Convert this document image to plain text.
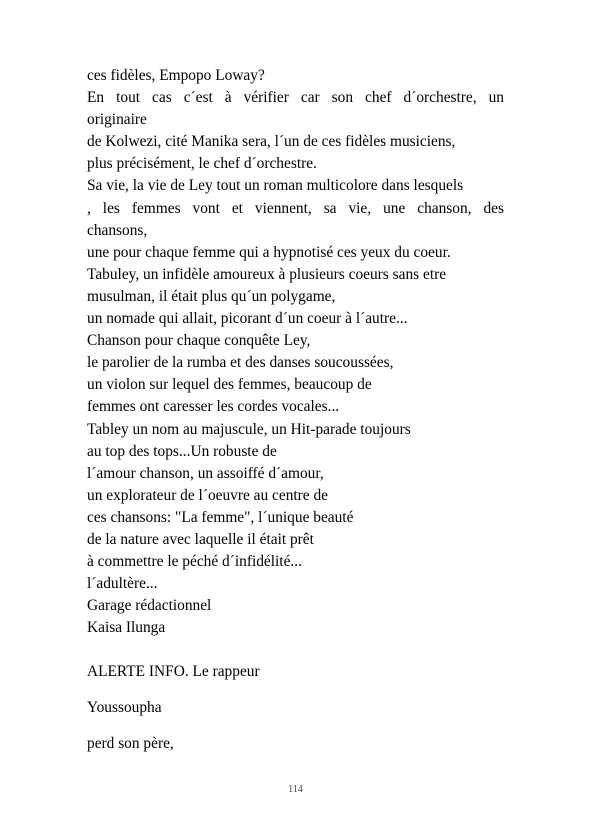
ces fidèles, Empopo Loway?
En tout cas c´est à vérifier car son chef d´orchestre, un
originaire
de Kolwezi, cité Manika sera, l´un de ces fidèles musiciens,
plus précisément, le chef d´orchestre.
Sa vie, la vie de Ley tout un roman multicolore dans lesquels
, les femmes vont et viennent, sa vie, une chanson, des
chansons,
une pour chaque femme qui a hypnotisé ces yeux du coeur.
Tabuley, un infidèle amoureux à plusieurs coeurs sans etre
musulman, il était plus qu´un polygame,
un nomade qui allait, picorant d´un coeur à l´autre...
Chanson pour chaque conquête Ley,
le parolier de la rumba et des danses soucoussées,
un violon sur lequel des femmes, beaucoup de
femmes ont caresser les cordes vocales...
Tabley un nom au majuscule, un Hit-parade toujours
au top des tops...Un robuste de
l´amour chanson, un assoiffé d´amour,
un explorateur de l´oeuvre au centre de
ces chansons: "La femme", l´unique beauté
de la nature avec laquelle il était prêt
à commettre le péché d´infidélité...
l´adultère...
Garage rédactionnel
Kaisa Ilunga

ALERTE INFO. Le rappeur

Youssoupha

perd son père,

114
